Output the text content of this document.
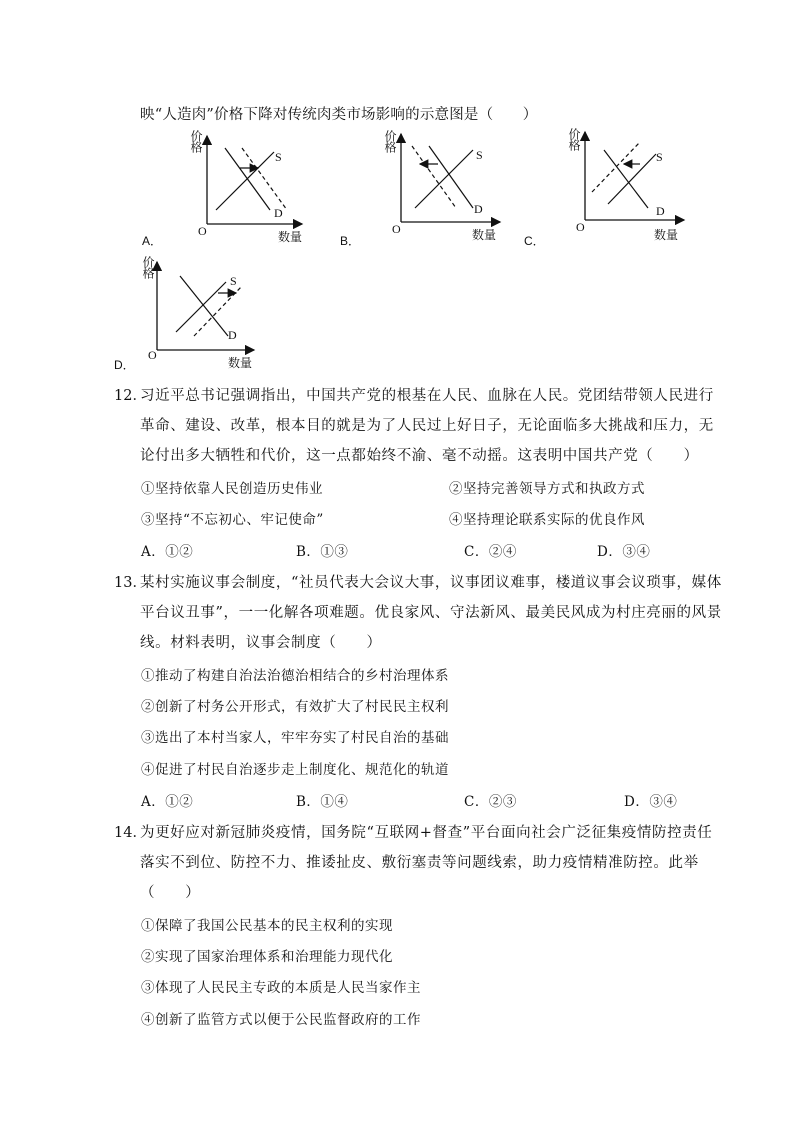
映“人造肉”价格下降对传统肉类市场影响的示意图是（　　）
A．
价格
S
D
O	数量	B．
价格
S
D
O	数量 C．
价格
S
D
O
数量
D．
价格
S
D
O
数量
12．
习近平总书记强调指出，中国共产党的根基在人民、血脉在人民。党团结带领人民进行
革命、建设、改革，根本目的就是为了人民过上好日子，无论面临多大挑战和压力，无
论付出多大牺牲和代价，这一点都始终不渝、毫不动摇。这表明中国共产党（　　）
①坚持依靠人民创造历史伟业	②坚持完善领导方式和执政方式
③坚持“不忘初心、牢记使命”	④坚持理论联系实际的优良作风
A．①②	B．①③	C．②④	D．③④
13．
某村实施议事会制度，“社员代表大会议大事，议事团议难事，楼道议事会议琐事，媒体
平台议丑事”，一一化解各项难题。优良家风、守法新风、最美民风成为村庄亮丽的风景
线。材料表明，议事会制度（　　）
①推动了构建自治法治德治相结合的乡村治理体系
②创新了村务公开形式，有效扩大了村民民主权利
③选出了本村当家人，牢牢夯实了村民自治的基础
④促进了村民自治逐步走上制度化、规范化的轨道
A．①②	B．①④	C．②③	D．③④
14．
为更好应对新冠肺炎疫情，国务院“互联网+督查”平台面向社会广泛征集疫情防控责任
落实不到位、防控不力、推诿扯皮、敷衍塞责等问题线索，助力疫情精准防控。此举
（　　）
①保障了我国公民基本的民主权利的实现
②实现了国家治理体系和治理能力现代化
③体现了人民民主专政的本质是人民当家作主
④创新了监管方式以便于公民监督政府的工作
